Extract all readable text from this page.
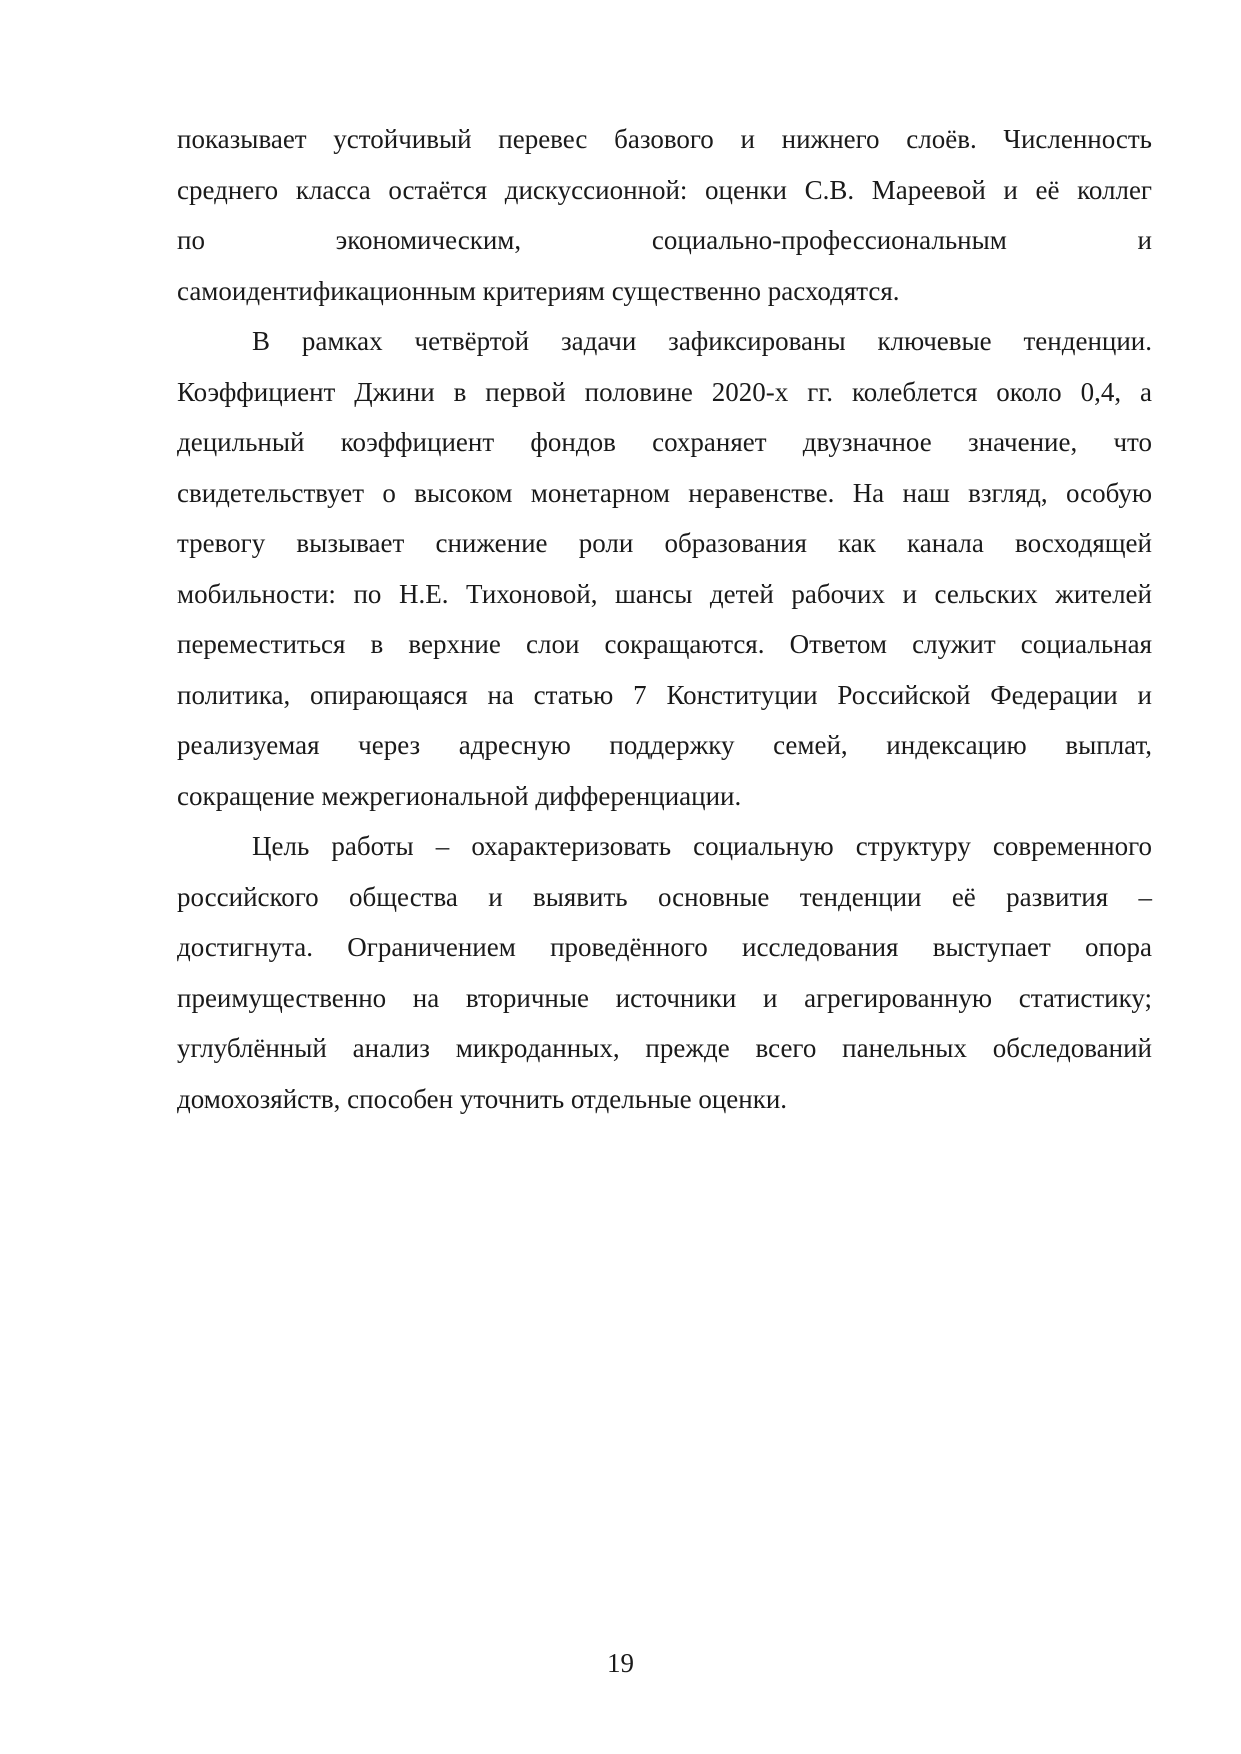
показывает устойчивый перевес базового и нижнего слоёв. Численность
среднего класса остаётся дискуссионной: оценки С.В. Мареевой и её коллег
по экономическим, социально-профессиональным и
самоидентификационным критериям существенно расходятся.

В рамках четвёртой задачи зафиксированы ключевые тенденции.
Коэффициент Джини в первой половине 2020-х гг. колеблется около 0,4, а
децильный коэффициент фондов сохраняет двузначное значение, что
свидетельствует о высоком монетарном неравенстве. На наш взгляд, особую
тревогу вызывает снижение роли образования как канала восходящей
мобильности: по Н.Е. Тихоновой, шансы детей рабочих и сельских жителей
переместиться в верхние слои сокращаются. Ответом служит социальная
политика, опирающаяся на статью 7 Конституции Российской Федерации и
реализуемая через адресную поддержку семей, индексацию выплат,
сокращение межрегиональной дифференциации.

Цель работы – охарактеризовать социальную структуру современного
российского общества и выявить основные тенденции её развития –
достигнута. Ограничением проведённого исследования выступает опора
преимущественно на вторичные источники и агрегированную статистику;
углублённый анализ микроданных, прежде всего панельных обследований
домохозяйств, способен уточнить отдельные оценки.

19
